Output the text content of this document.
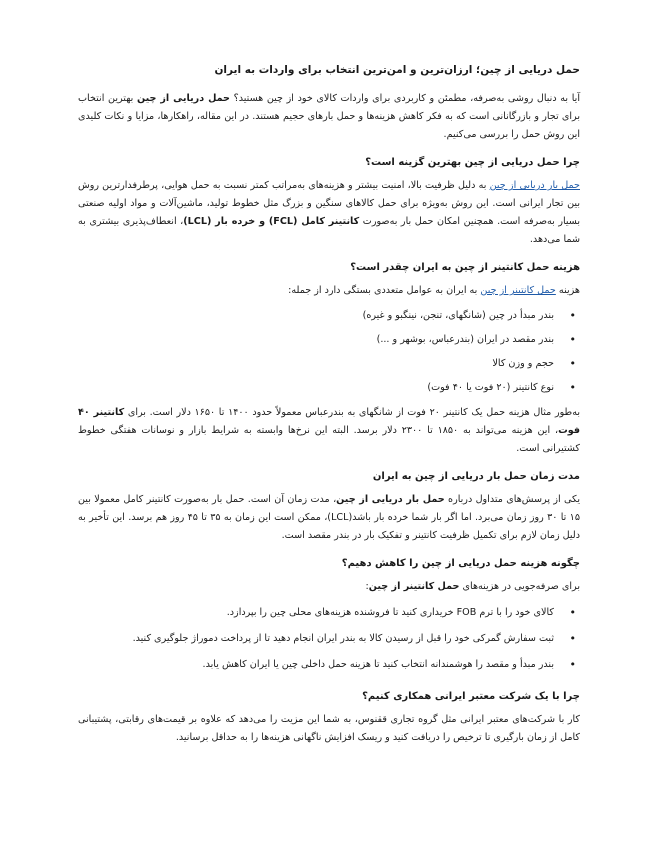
حمل دریایی از چین؛ ارزان‌ترین و امن‌ترین انتخاب برای واردات به ایران

آیا به دنبال روشی به‌صرفه، مطمئن و کاربردی برای واردات کالای خود از چین هستید؟ حمل دریایی از چین بهترین انتخاب برای تجار و بازرگانانی است که به فکر کاهش هزینه‌ها و حمل بارهای حجیم هستند. در این مقاله، راهکارها، مزایا و نکات کلیدی این روش حمل را بررسی می‌کنیم.

چرا حمل دریایی از چین بهترین گزینه است؟

حمل بار دریایی از چین به دلیل ظرفیت بالا، امنیت بیشتر و هزینه‌های به‌مراتب کمتر نسبت به حمل هوایی، پرطرفدارترین روش بین تجار ایرانی است. این روش به‌ویژه برای حمل کالاهای سنگین و بزرگ مثل خطوط تولید، ماشین‌آلات و مواد اولیه صنعتی بسیار به‌صرفه است. همچنین امکان حمل بار به‌صورت کانتینر کامل (FCL) و خرده بار (LCL)، انعطاف‌پذیری بیشتری به شما می‌دهد.

هزینه حمل کانتینر از چین به ایران چقدر است؟

هزینه حمل کانتینر از چین به ایران به عوامل متعددی بستگی دارد از جمله:

• بندر مبدأ در چین (شانگهای، تنجن، نینگبو و غیره)
• بندر مقصد در ایران (بندرعباس، بوشهر و ...)
• حجم و وزن کالا
• نوع کانتینر (۲۰ فوت یا ۴۰ فوت)

به‌طور مثال هزینه حمل یک کانتینر ۲۰ فوت از شانگهای به بندرعباس معمولاً حدود ۱۴۰۰ تا ۱۶۵۰ دلار است. برای کانتینر ۴۰ فوت، این هزینه می‌تواند به ۱۸۵۰ تا ۲۳۰۰ دلار برسد. البته این نرخ‌ها وابسته به شرایط بازار و نوسانات هفتگی خطوط کشتیرانی است.

مدت زمان حمل بار دریایی از چین به ایران

یکی از پرسش‌های متداول درباره حمل بار دریایی از چین، مدت زمان آن است. حمل بار به‌صورت کانتینر کامل معمولا بین ۱۵ تا ۳۰ روز زمان می‌برد. اما اگر بار شما خرده بار باشد(LCL)، ممکن است این زمان به ۳۵ تا ۴۵ روز هم برسد. این تأخیر به دلیل زمان لازم برای تکمیل ظرفیت کانتینر و تفکیک بار در بندر مقصد است.

چگونه هزینه حمل دریایی از چین را کاهش دهیم؟

برای صرفه‌جویی در هزینه‌های حمل کانتینر از چین:

• کالای خود را با ترم FOB خریداری کنید تا فروشنده هزینه‌های محلی چین را بپردازد.
• ثبت سفارش گمرکی خود را قبل از رسیدن کالا به بندر ایران انجام دهید تا از پرداخت دموراژ جلوگیری کنید.
• بندر مبدأ و مقصد را هوشمندانه انتخاب کنید تا هزینه حمل داخلی چین یا ایران کاهش یابد.
چرا با یک شرکت معتبر ایرانی همکاری کنیم؟

کار با شرکت‌های معتبر ایرانی مثل گروه تجاری ققنوس، به شما این مزیت را می‌دهد که علاوه بر قیمت‌های رقابتی، پشتیبانی کامل از زمان بارگیری تا ترخیص را دریافت کنید و ریسک افزایش ناگهانی هزینه‌ها را به حداقل برسانید.
